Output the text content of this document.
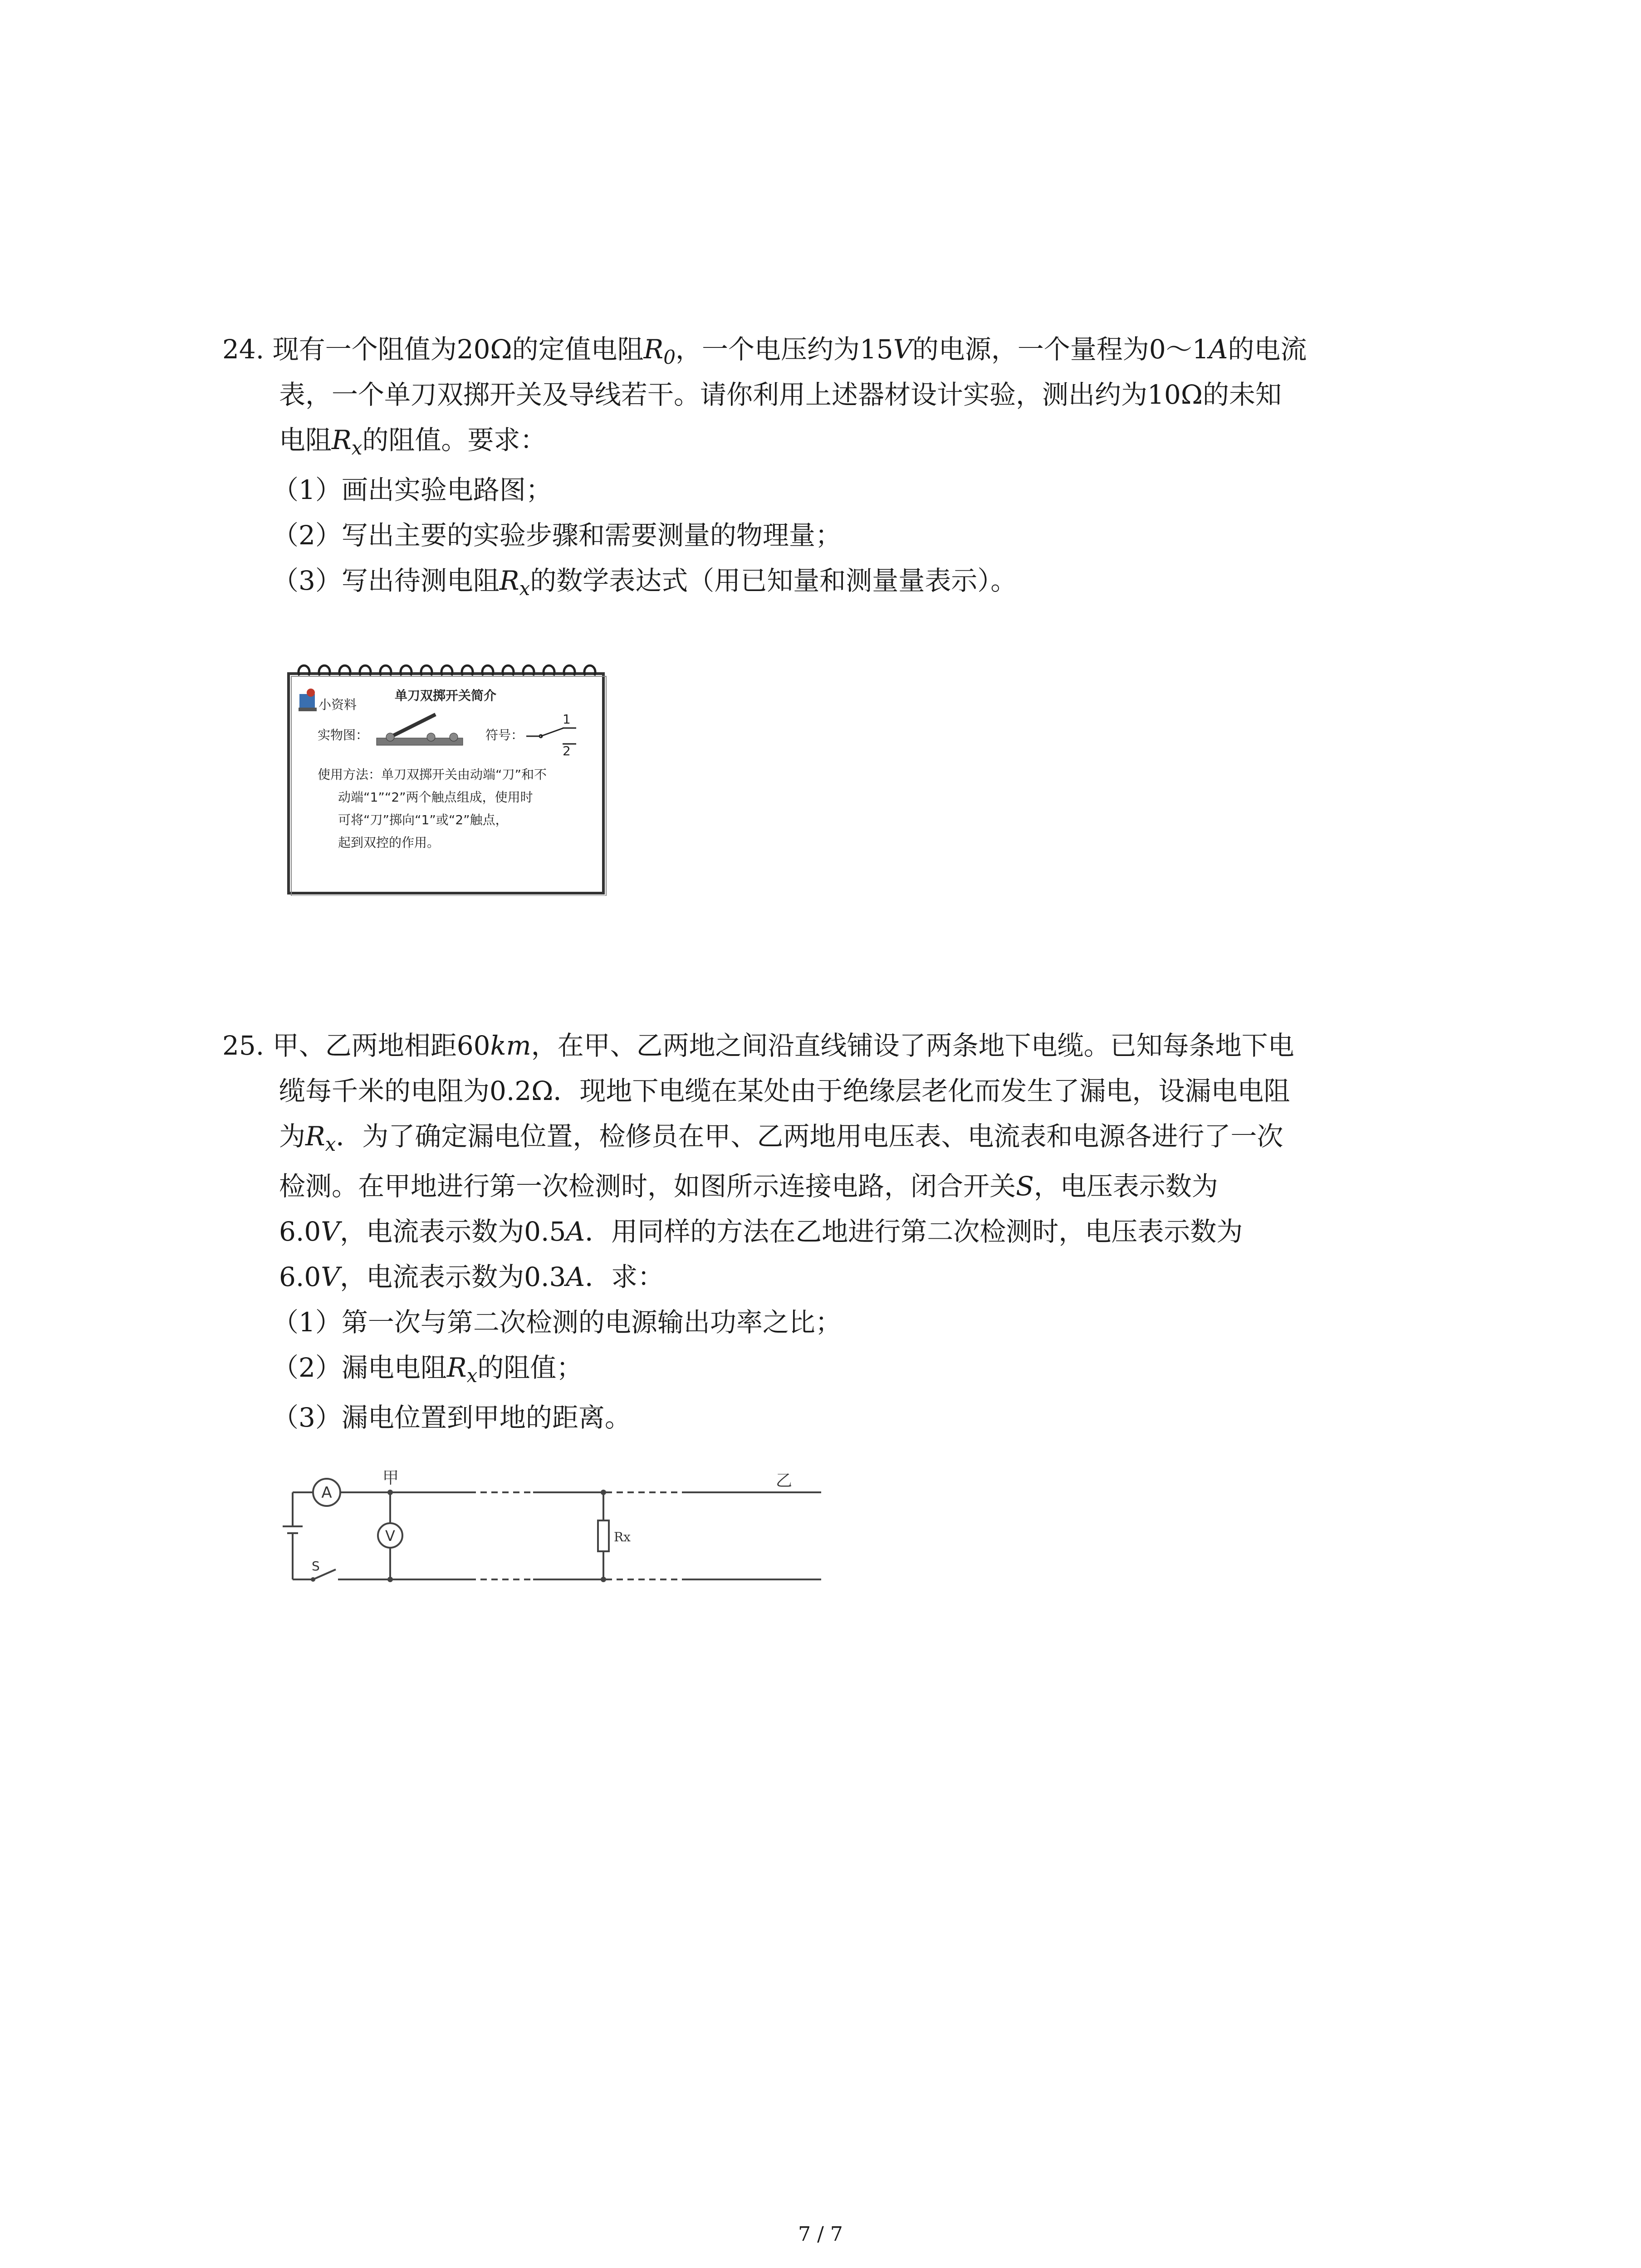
24. 现有一个阻值为20Ω的定值电阻$R_0$，一个电压约为15V的电源，一个量程为0～1A的电流
表，一个单刀双掷开关及导线若干。请你利用上述器材设计实验，测出约为10Ω的未知
电阻$R_x$的阻值。要求：
（1）画出实验电路图；
（2）写出主要的实验步骤和需要测量的物理量；
（3）写出待测电阻$R_x$的数学表达式（用已知量和测量量表示）。
小资料
单刀双掷开关简介
实物图：	符号：
1
2
使用方法：单刀双掷开关由动端“刀”和不
动端“1”“2”两个触点组成，使用时
可将“刀”掷向“1”或“2”触点，
起到双控的作用。
25. 甲、乙两地相距60km，在甲、乙两地之间沿直线铺设了两条地下电缆。已知每条地下电
缆每千米的电阻为0.2Ω．现地下电缆在某处由于绝缘层老化而发生了漏电，设漏电电阻
为$R_x$．为了确定漏电位置，检修员在甲、乙两地用电压表、电流表和电源各进行了一次
检测。在甲地进行第一次检测时，如图所示连接电路，闭合开关S，电压表示数为
6.0V，电流表示数为0.5A．用同样的方法在乙地进行第二次检测时，电压表示数为
6.0V，电流表示数为0.3A．求：
（1）第一次与第二次检测的电源输出功率之比；
（2）漏电电阻$R_x$的阻值；
（3）漏电位置到甲地的距离。
A
V
甲	乙
Rx
S
7 / 7
